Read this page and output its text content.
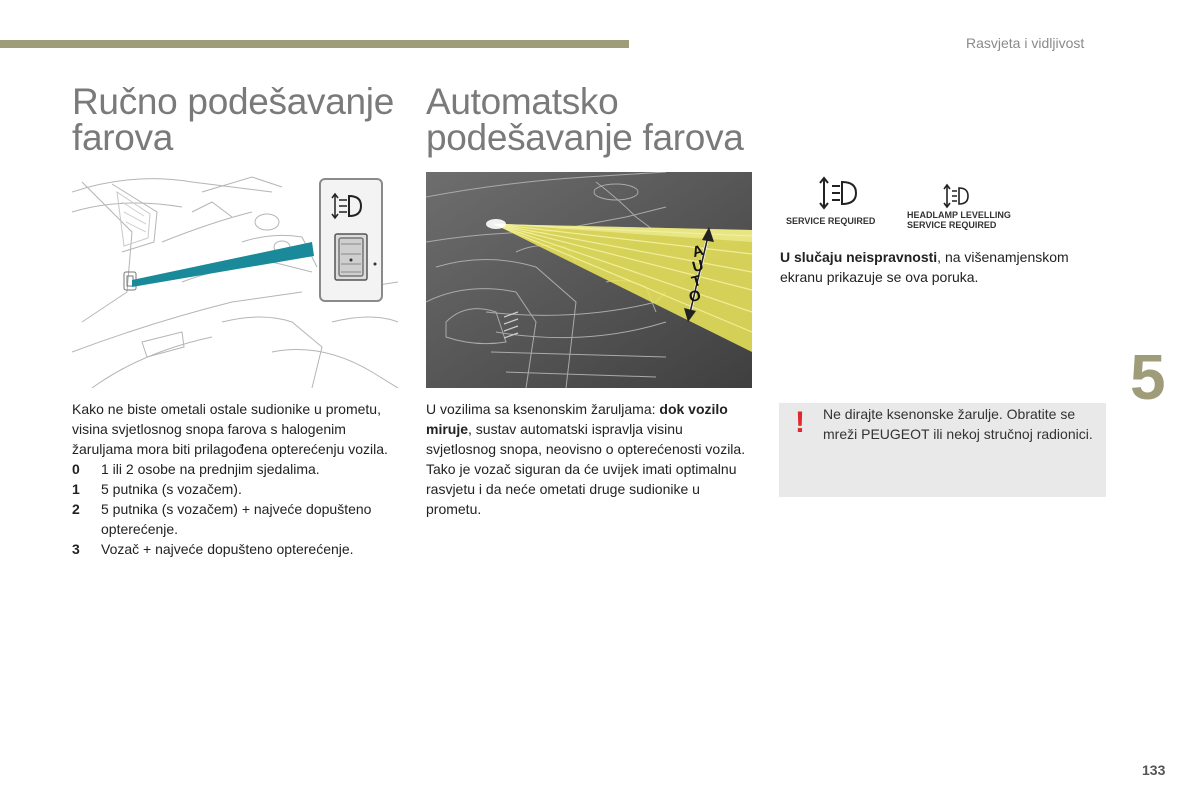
Rasvjeta i vidljivost
Ručno podešavanje
farova

Kako ne biste ometali ostale sudionike u prometu, visina svjetlosnog snopa farova s halogenim žaruljama mora biti prilagođena opterećenju vozila.

0	1 ili 2 osobe na prednjim sjedalima.
1	5 putnika (s vozačem).
2	5 putnika (s vozačem) + najveće dopušteno opterećenje.
3	Vozač + najveće dopušteno opterećenje.
Automatsko
podešavanje farova
A
U
T
O

U vozilima sa ksenonskim žaruljama: dok vozilo miruje, sustav automatski ispravlja visinu svjetlosnog snopa, neovisno o opterećenosti vozila. Tako je vozač siguran da će uvijek imati optimalnu rasvjetu i da neće ometati druge sudionike u prometu.

SERVICE REQUIRED
HEADLAMP LEVELLING
SERVICE REQUIRED

U slučaju neispravnosti, na višenamjenskom ekranu prikazuje se ova poruka.

! Ne dirajte ksenonske žarulje. Obratite se mreži PEUGEOT ili nekoj stručnoj radionici.
5
133
